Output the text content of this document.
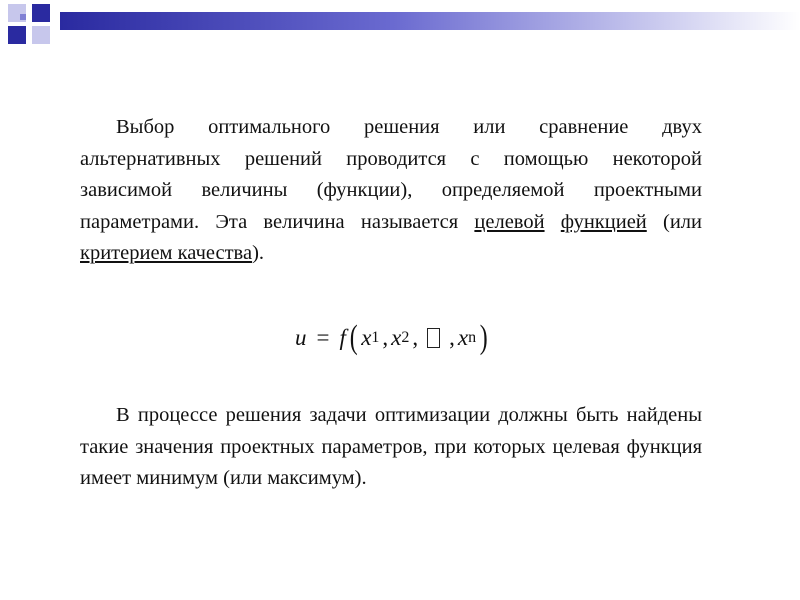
Выбор оптимального решения или сравнение двух альтернативных решений проводится с помощью некоторой зависимой величины (функции), определяемой проектными параметрами. Эта величина называется целевой функцией (или критерием качества).

u = f ( x 1 , x 2 , , x n )

В процессе решения задачи оптимизации должны быть найдены такие значения проектных параметров, при которых целевая функция имеет минимум (или максимум).
